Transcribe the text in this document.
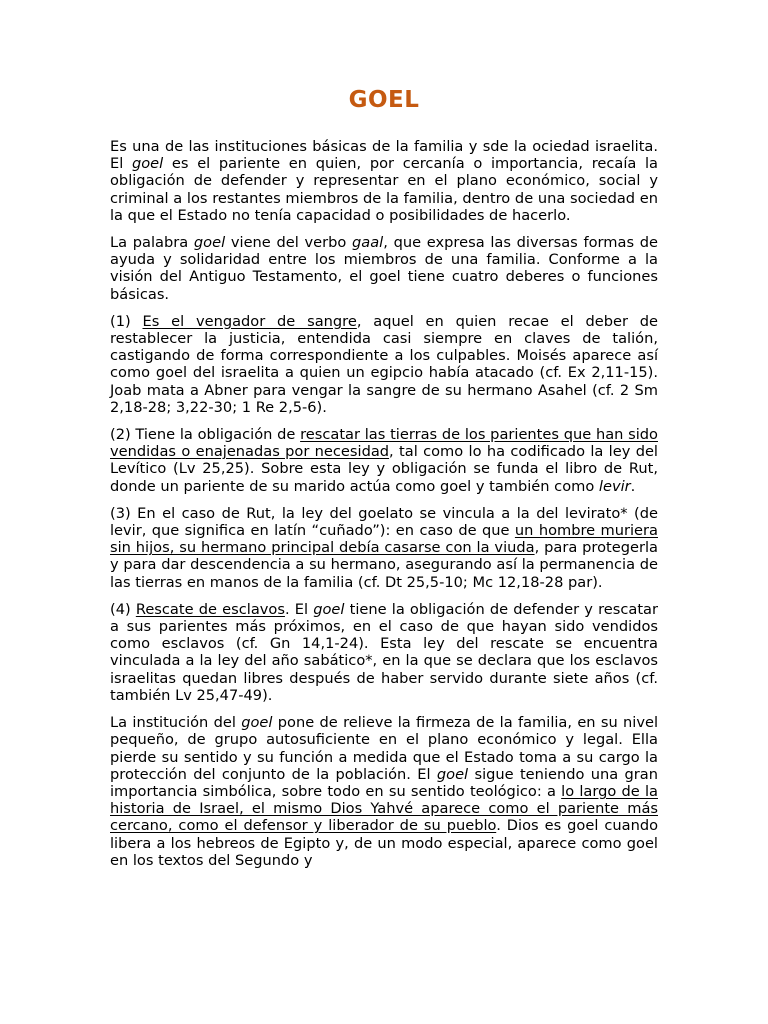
GOEL

Es una de las instituciones básicas de la familia y sde la ociedad israelita. El goel es el pariente en quien, por cercanía o importancia, recaía la obligación de defender y representar en el plano económico, social y criminal a los restantes miembros de la familia, dentro de una sociedad en la que el Estado no tenía capacidad o posibilidades de hacerlo.

La palabra goel viene del verbo gaal, que expresa las diversas formas de ayuda y solidaridad entre los miembros de una familia. Conforme a la visión del Antiguo Testamento, el goel tiene cuatro deberes o funciones básicas.

(1) Es el vengador de sangre, aquel en quien recae el deber de restablecer la justicia, entendida casi siempre en claves de talión, castigando de forma correspondiente a los culpables. Moisés aparece así como goel del israelita a quien un egipcio había atacado (cf. Ex 2,11-15). Joab mata a Abner para vengar la sangre de su hermano Asahel (cf. 2 Sm 2,18-28; 3,22-30; 1 Re 2,5-6).

(2) Tiene la obligación de rescatar las tierras de los parientes que han sido vendidas o enajenadas por necesidad, tal como lo ha codificado la ley del Levítico (Lv 25,25). Sobre esta ley y obligación se funda el libro de Rut, donde un pariente de su marido actúa como goel y también como levir.

(3) En el caso de Rut, la ley del goelato se vincula a la del levirato* (de levir, que significa en latín “cuñado”): en caso de que un hombre muriera sin hijos, su hermano principal debía casarse con la viuda, para protegerla y para dar descendencia a su hermano, asegurando así la permanencia de las tierras en manos de la familia (cf. Dt 25,5-10; Mc 12,18-28 par).

(4) Rescate de esclavos. El goel tiene la obligación de defender y rescatar a sus parientes más próximos, en el caso de que hayan sido vendidos como esclavos (cf. Gn 14,1-24). Esta ley del rescate se encuentra vinculada a la ley del año sabático*, en la que se declara que los esclavos israelitas quedan libres después de haber servido durante siete años (cf. también Lv 25,47-49).

La institución del goel pone de relieve la firmeza de la familia, en su nivel pequeño, de grupo autosuficiente en el plano económico y legal. Ella pierde su sentido y su función a medida que el Estado toma a su cargo la protección del conjunto de la población. El goel sigue teniendo una gran importancia simbólica, sobre todo en su sentido teológico: a lo largo de la historia de Israel, el mismo Dios Yahvé aparece como el pariente más cercano, como el defensor y liberador de su pueblo. Dios es goel cuando libera a los hebreos de Egipto y, de un modo especial, aparece como goel en los textos del Segundo y
